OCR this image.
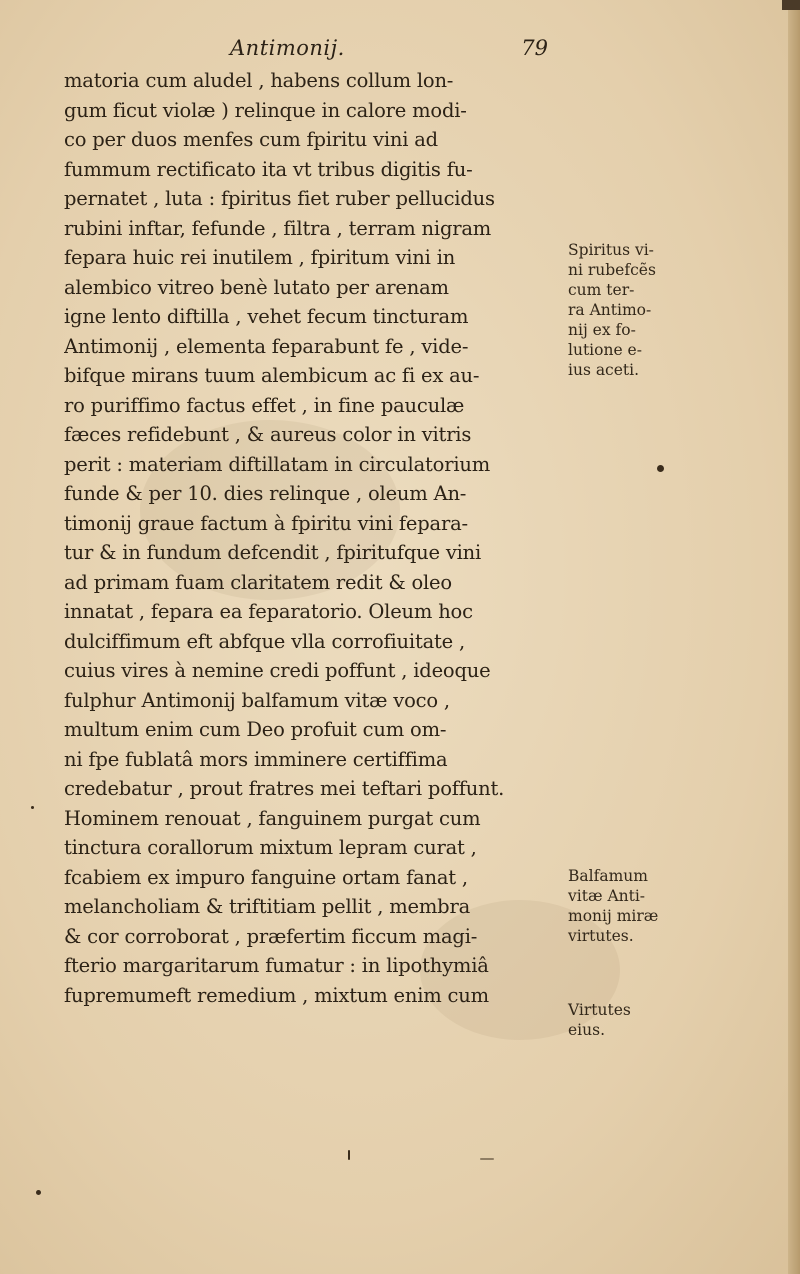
Antimonij.	79
matoria cum aludel , habens collum lon-
gum ficut violæ ) relinque in calore modi-
co per duos menfes cum fpiritu vini ad
fummum rectificato ita vt tribus digitis fu-
pernatet , luta : fpiritus fiet ruber pellucidus
rubini inftar, fefunde , filtra , terram nigram
fepara huic rei inutilem , fpiritum vini in
alembico vitreo benè lutato per arenam
igne lento diftilla , vehet fecum tincturam
Antimonij , elementa feparabunt fe , vide-
bifque mirans tuum alembicum ac fi ex au-
ro puriffimo factus effet , in fine pauculæ
fæces refidebunt , & aureus color in vitris
perit : materiam diftillatam in circulatorium
funde & per 10. dies relinque , oleum An-
timonij graue factum à fpiritu vini fepara-
tur & in fundum defcendit , fpiritufque vini
ad primam fuam claritatem redit & oleo
innatat , fepara ea feparatorio. Oleum hoc
dulciffimum eft abfque vlla corrofiuitate ,
cuius vires à nemine credi poffunt , ideoque
fulphur Antimonij balfamum vitæ voco ,
multum enim cum Deo profuit cum om-
ni fpe fublatâ mors imminere certiffima
credebatur , prout fratres mei teftari poffunt.
Hominem renouat , fanguinem purgat cum
tinctura corallorum mixtum lepram curat ,
fcabiem ex impuro fanguine ortam fanat ,
melancholiam & triftitiam pellit , membra
& cor corroborat , præfertim ficcum magi-
fterio margaritarum fumatur : in lipothymiâ
fupremumeft remedium , mixtum enim cum
Spiritus vi-
ni rubefcẽs
cum ter-
ra Antimo-
nij ex fo-
lutione e-
ius aceti.
Balfamum
vitæ Anti-
monij miræ
virtutes.
Virtutes
eius.
